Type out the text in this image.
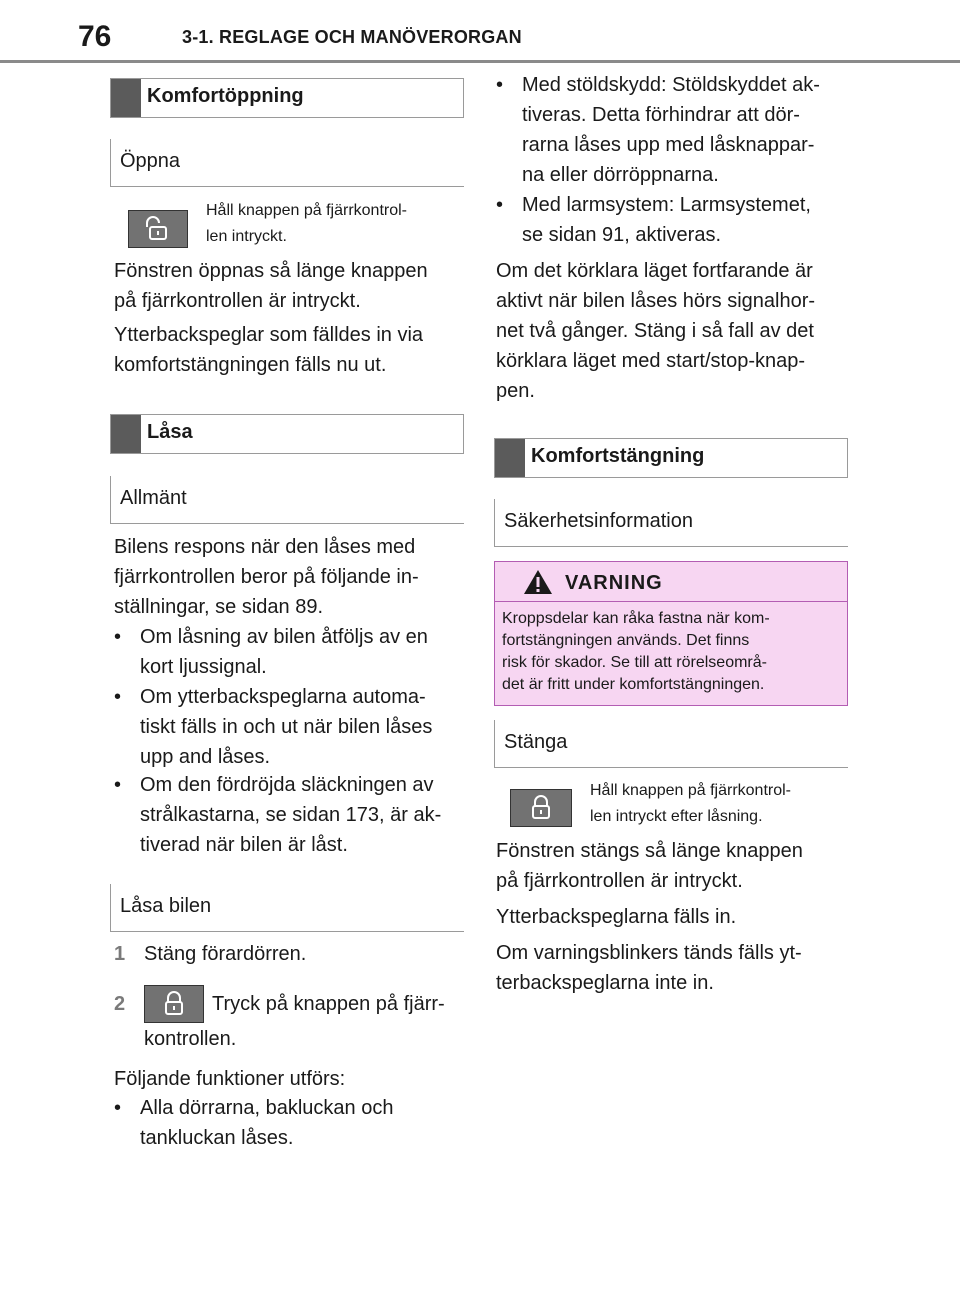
76	3-1. REGLAGE OCH MANÖVERORGAN
Komfortöppning
Öppna
Håll knappen på fjärrkontrol-
len intryckt.
Fönstren öppnas så länge knappen
på fjärrkontrollen är intryckt.
Ytterbackspeglar som fälldes in via
komfortstängningen fälls nu ut.
Låsa
Allmänt
Bilens respons när den låses med
fjärrkontrollen beror på följande in-
ställningar, se sidan 89.
• Om låsning av bilen åtföljs av en
kort ljussignal.
• Om ytterbackspeglarna automa-
tiskt fälls in och ut när bilen låses
upp and låses.
• Om den fördröjda släckningen av
strålkastarna, se sidan 173, är ak-
tiverad när bilen är låst.
Låsa bilen
1 Stäng förardörren.
2	Tryck på knappen på fjärr-
kontrollen.
Följande funktioner utförs:
• Alla dörrarna, bakluckan och
tankluckan låses.
• Med stöldskydd: Stöldskyddet ak-
tiveras. Detta förhindrar att dör-
rarna låses upp med låsknappar-
na eller dörröppnarna.
• Med larmsystem: Larmsystemet,
se sidan 91, aktiveras.
Om det körklara läget fortfarande är
aktivt när bilen låses hörs signalhor-
net två gånger. Stäng i så fall av det
körklara läget med start/stop-knap-
pen.
Komfortstängning
Säkerhetsinformation
VARNING
Kroppsdelar kan råka fastna när kom-
fortstängningen används. Det finns
risk för skador. Se till att rörelseområ-
det är fritt under komfortstängningen.
Stänga
Håll knappen på fjärrkontrol-
len intryckt efter låsning.
Fönstren stängs så länge knappen
på fjärrkontrollen är intryckt.
Ytterbackspeglarna fälls in.
Om varningsblinkers tänds fälls yt-
terbackspeglarna inte in.
